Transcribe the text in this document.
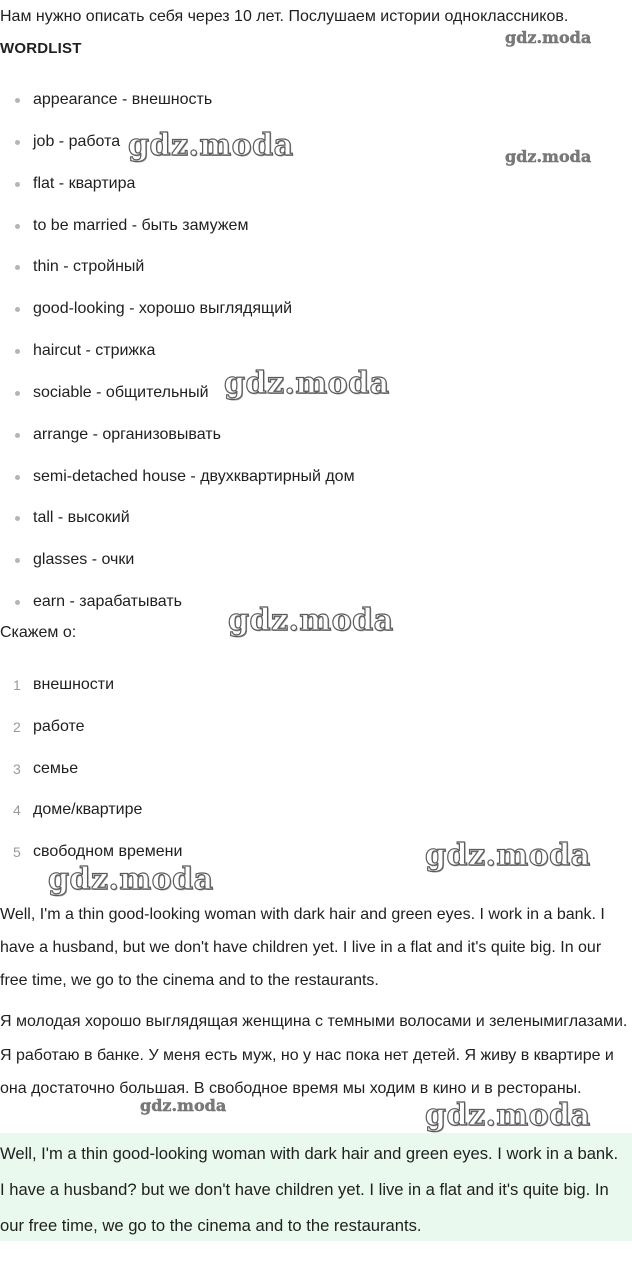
Нам нужно описать себя через 10 лет. Послушаем истории одноклассников.
WORDLIST
appearance - внешность
job - работа
flat - квартира
to be married - быть замужем
thin - стройный
good-looking - хорошо выглядящий
haircut - стрижка
sociable - общительный
arrange - организовывать
semi-detached house - двухквартирный дом
tall - высокий
glasses - очки
earn - зарабатывать
Скажем о:
1 внешности
2 работе
3 семье
4 доме/квартире
5 свободном времени

Well, I'm a thin good-looking woman with dark hair and green eyes. I work in a bank. I have a husband, but we don't have children yet. I live in a flat and it's quite big. In our free time, we go to the cinema and to the restaurants.

Я молодая хорошо выглядящая женщина с темными волосами и зеленымиглазами. Я работаю в банке. У меня есть муж, но у нас пока нет детей. Я живу в квартире и она достаточно большая. В свободное время мы ходим в кино и в рестораны.

Well, I'm a thin good-looking woman with dark hair and green eyes. I work in a bank. I have a husband? but we don't have children yet. I live in a flat and it's quite big. In our free time, we go to the cinema and to the restaurants.

gdz.moda
gdz.moda	gdz.moda
gdz.moda
gdz.moda
gdz.moda
gdz.moda
gdz.moda	gdz.moda
